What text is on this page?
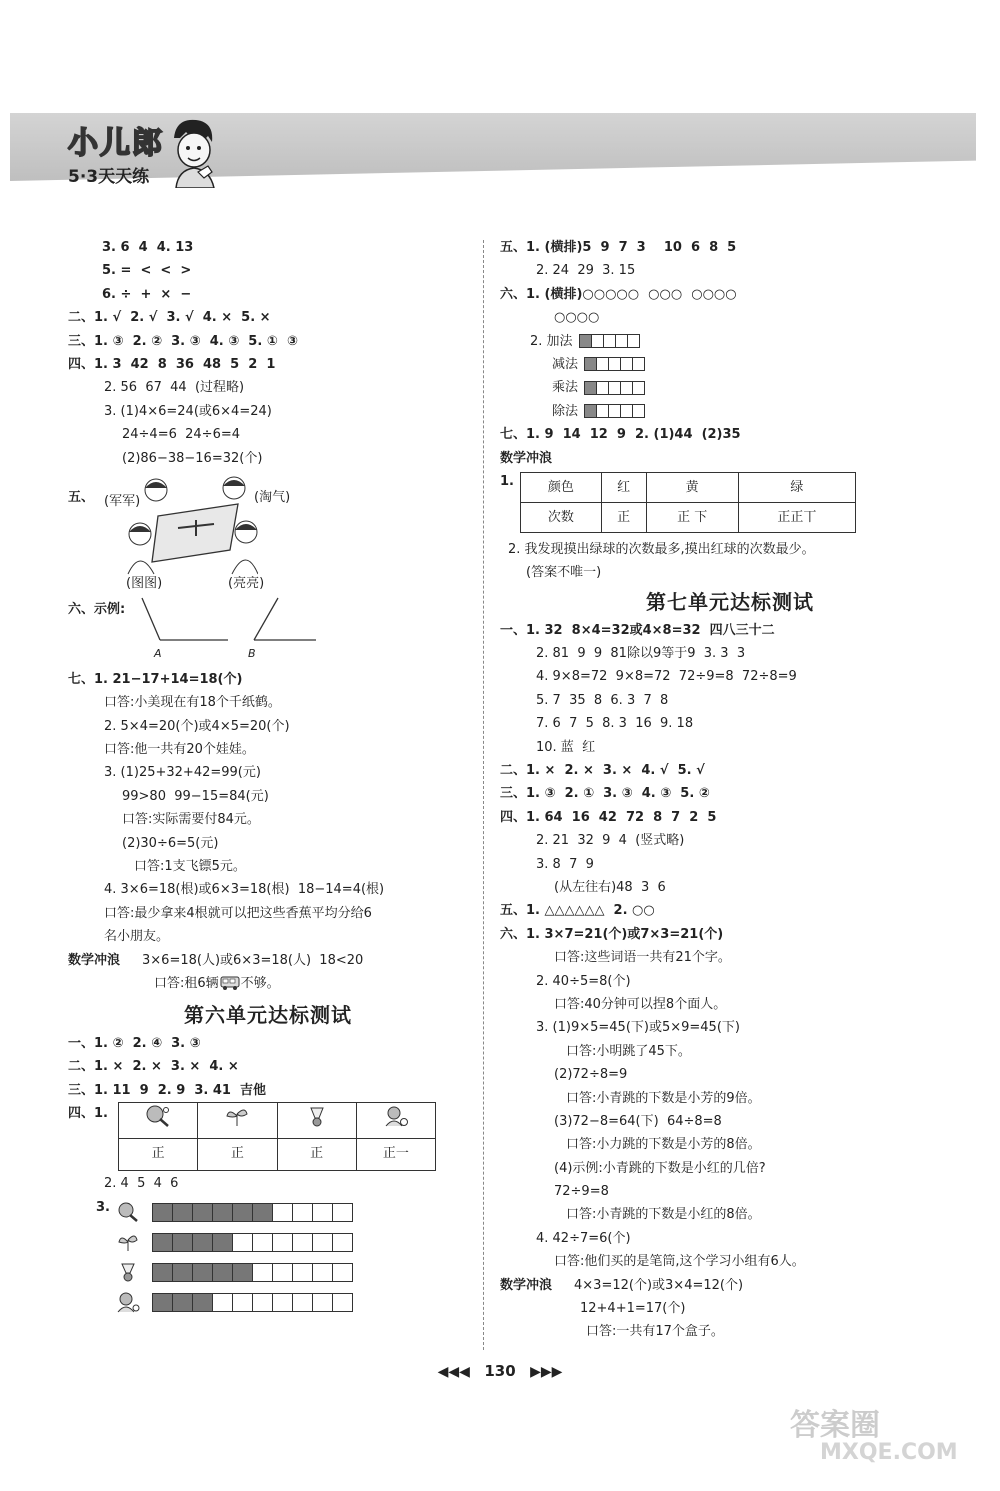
小儿郎
5·3天天练
3. 6  4  4. 13
5. =  <  <  >
6. ÷  +  ×  −
二、1. √  2. √  3. √  4. ×  5. ×
三、1. ③  2. ②  3. ③  4. ③  5. ①  ③
四、1. 3  42  8  36  48  5  2  1
2. 56  67  44  (过程略)
3. (1)4×6=24(或6×4=24)
24÷4=6  24÷6=4
(2)86−38−16=32(个)
五、 (军军)	(淘气)
(图图)	(亮亮)
六、示例:
A	B
七、1. 21−17+14=18(个)
口答:小美现在有18个千纸鹤。
2. 5×4=20(个)或4×5=20(个)
口答:他一共有20个娃娃。
3. (1)25+32+42=99(元)
99>80  99−15=84(元)
口答:实际需要付84元。
(2)30÷6=5(元)
口答:1支飞镖5元。
4. 3×6=18(根)或6×3=18(根)  18−14=4(根)
口答:最少拿来4根就可以把这些香蕉平均分给6
名小朋友。
数学冲浪 3×6=18(人)或6×3=18(人)  18<20
口答:租6辆 不够。
第六单元达标测试
一、1. ②  2. ④  3. ③
二、1. ×  2. ×  3. ×  4. ×
三、1. 11  9  2. 9  3. 41  吉他
四、1.

正	正	正	正一
2. 4  5  4  6
3.
五、1. (横排)5  9  7  3    10  6  8  5
2. 24  29  3. 15
六、1. (横排)○○○○○  ○○○  ○○○○
○○○○
2. 加法
减法
乘法
除法
七、1. 9  14  12  9  2. (1)44  (2)35
数学冲浪
1.	颜色	红	黄	绿
次数	正	正 下	正正丅
2. 我发现摸出绿球的次数最多,摸出红球的次数最少。
(答案不唯一)
第七单元达标测试
一、1. 32  8×4=32或4×8=32  四八三十二
2. 81  9  9  81除以9等于9  3. 3  3
4. 9×8=72  9×8=72  72÷9=8  72÷8=9
5. 7  35  8  6. 3  7  8
7. 6  7  5  8. 3  16  9. 18
10. 蓝  红
二、1. ×  2. ×  3. ×  4. √  5. √
三、1. ③  2. ①  3. ③  4. ③  5. ②
四、1. 64  16  42  72  8  7  2  5
2. 21  32  9  4  (竖式略)
3. 8  7  9
(从左往右)48  3  6
五、1. △△△△△△  2. ○○
六、1. 3×7=21(个)或7×3=21(个)
口答:这些词语一共有21个字。
2. 40÷5=8(个)
口答:40分钟可以捏8个面人。
3. (1)9×5=45(下)或5×9=45(下)
口答:小明跳了45下。
(2)72÷8=9
口答:小青跳的下数是小芳的9倍。
(3)72−8=64(下)  64÷8=8
口答:小力跳的下数是小芳的8倍。
(4)示例:小青跳的下数是小红的几倍?
72÷9=8
口答:小青跳的下数是小红的8倍。
4. 42÷7=6(个)
口答:他们买的是笔筒,这个学习小组有6人。
数学冲浪 4×3=12(个)或3×4=12(个)
12+4+1=17(个)
口答:一共有17个盒子。
◀◀◀ 130 ▶▶▶
答案圈
MXQE.COM
